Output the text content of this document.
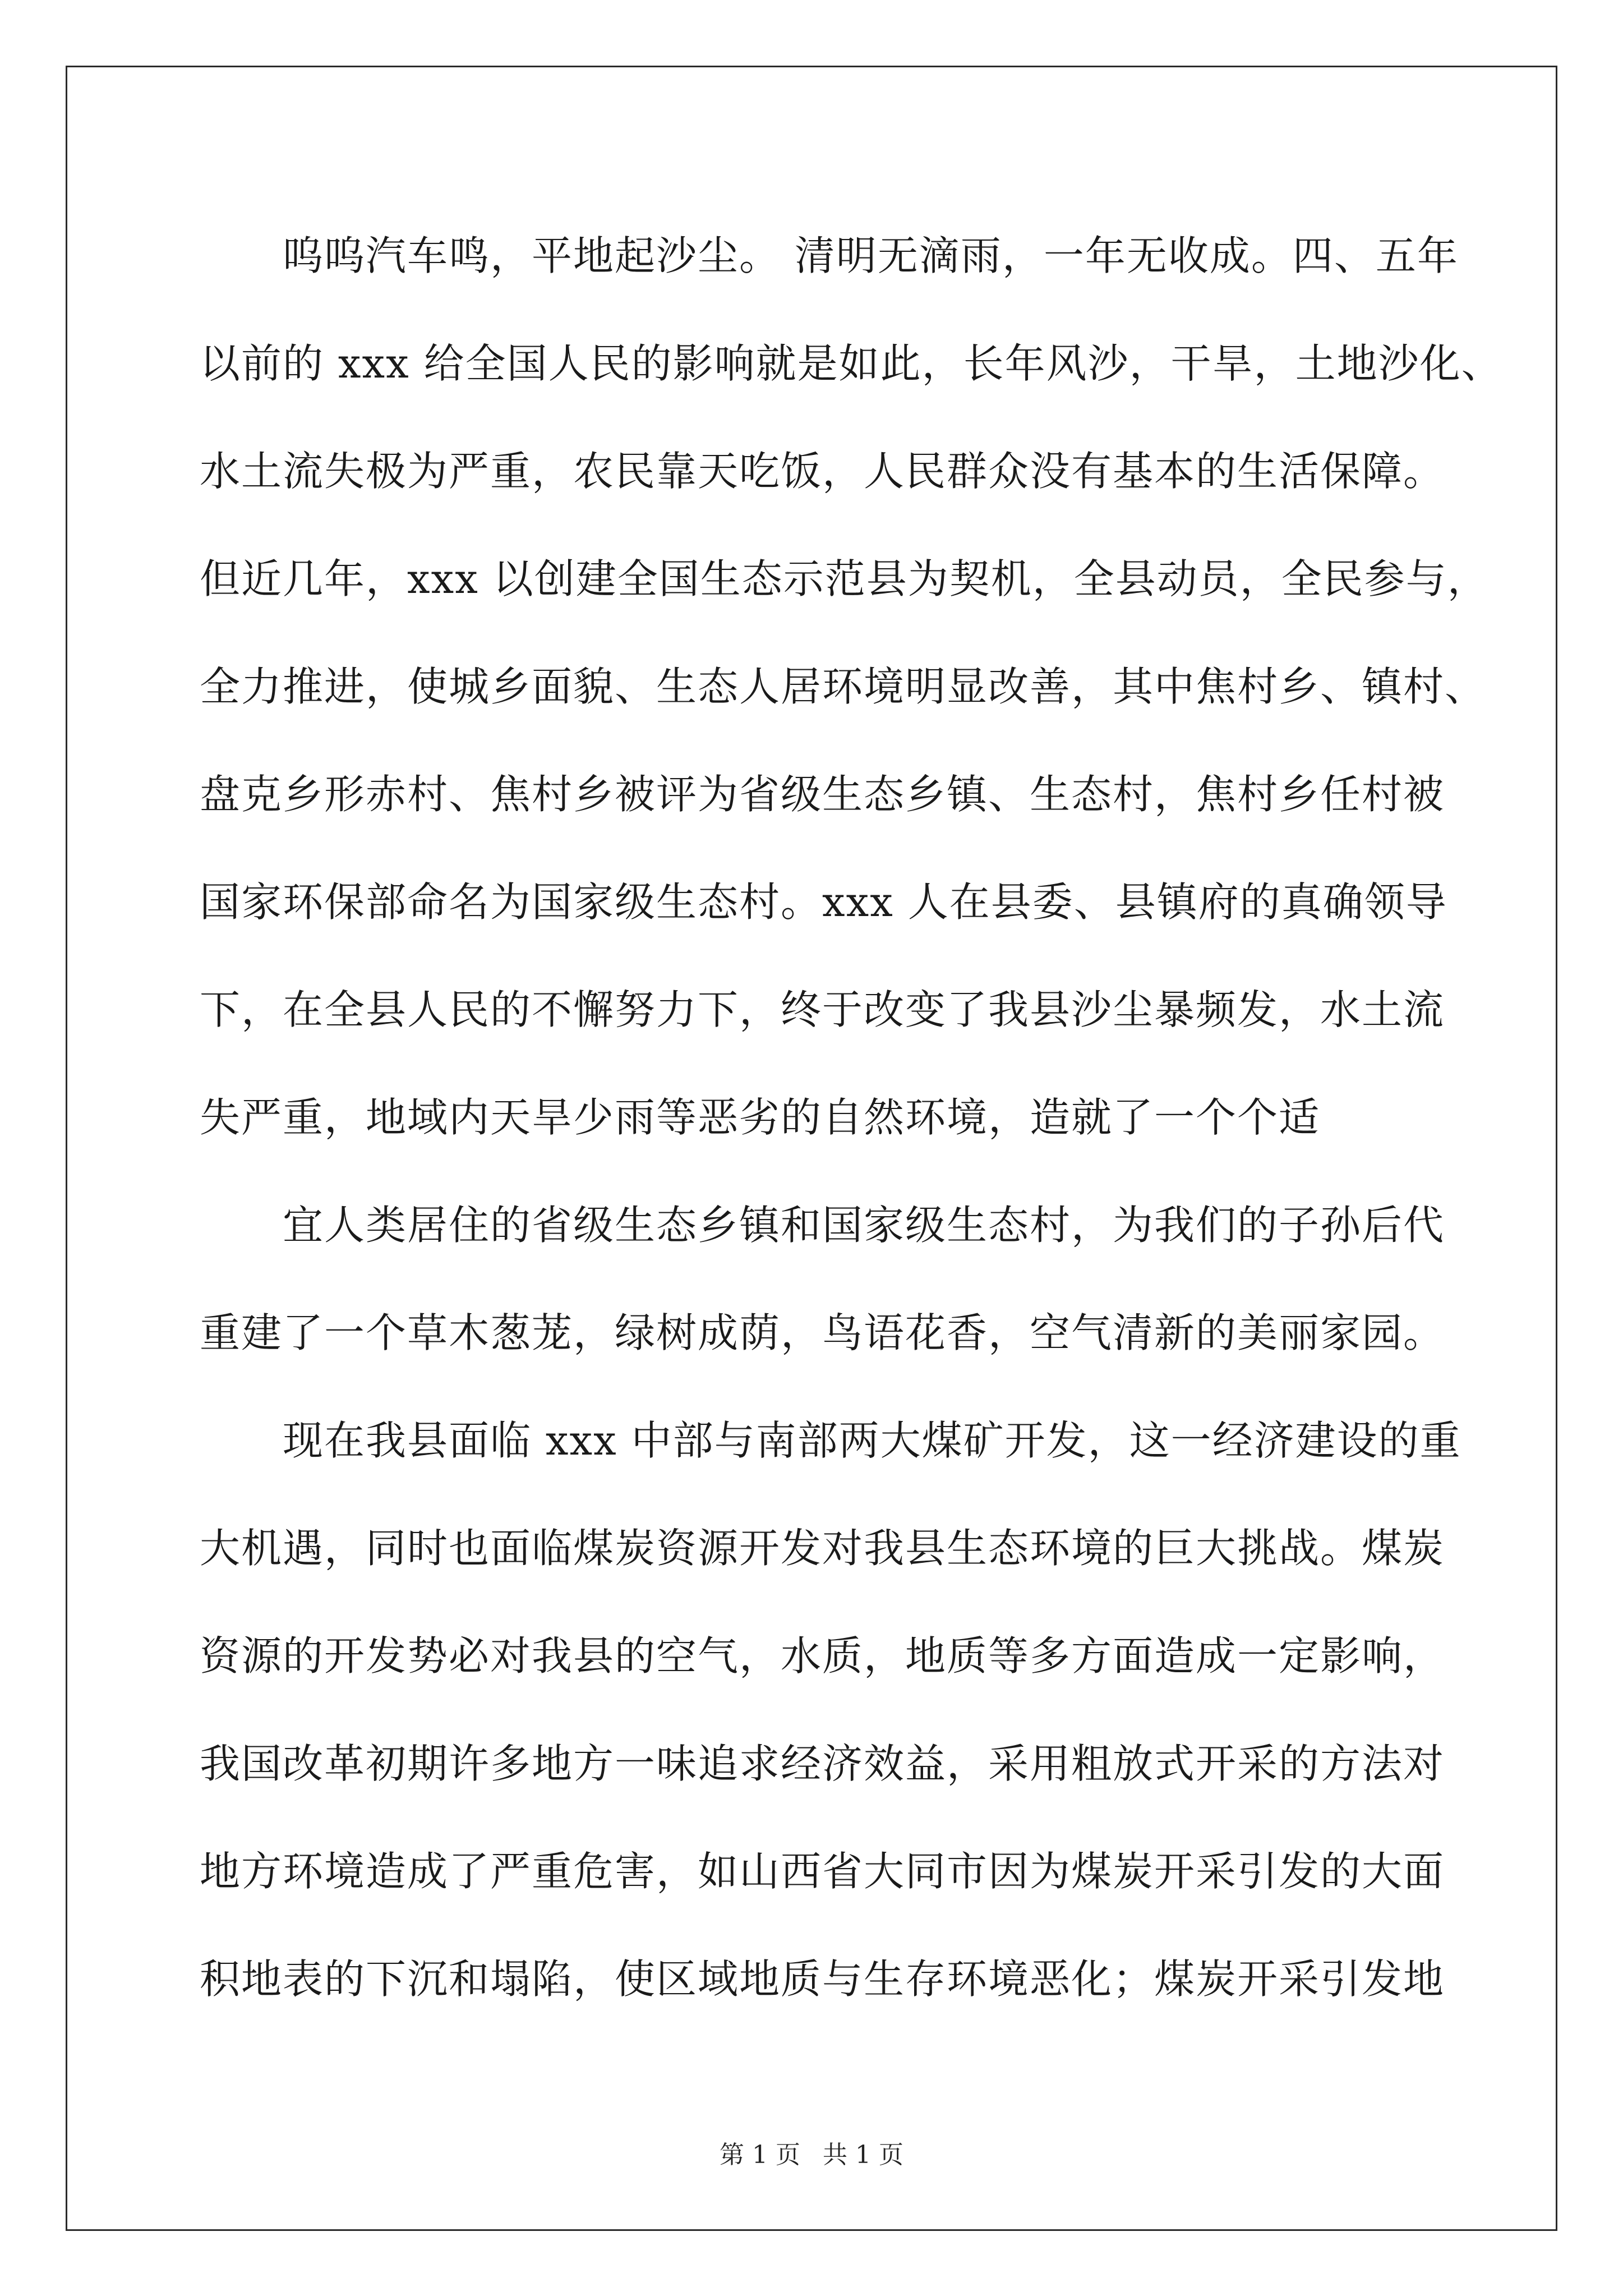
呜呜汽车鸣，平地起沙尘。 清明无滴雨，一年无收成。四、五年
以前的 xxx 给全国人民的影响就是如此，长年风沙，干旱，土地沙化、
水土流失极为严重，农民靠天吃饭，人民群众没有基本的生活保障。
但近几年，xxx 以创建全国生态示范县为契机，全县动员，全民参与，
全力推进，使城乡面貌、生态人居环境明显改善，其中焦村乡、镇村、
盘克乡形赤村、焦村乡被评为省级生态乡镇、生态村，焦村乡任村被
国家环保部命名为国家级生态村。xxx 人在县委、县镇府的真确领导
下，在全县人民的不懈努力下，终于改变了我县沙尘暴频发，水土流
失严重，地域内天旱少雨等恶劣的自然环境，造就了一个个适
宜人类居住的省级生态乡镇和国家级生态村，为我们的子孙后代
重建了一个草木葱茏，绿树成荫，鸟语花香，空气清新的美丽家园。
现在我县面临 xxx 中部与南部两大煤矿开发，这一经济建设的重
大机遇，同时也面临煤炭资源开发对我县生态环境的巨大挑战。煤炭
资源的开发势必对我县的空气，水质，地质等多方面造成一定影响，
我国改革初期许多地方一味追求经济效益，采用粗放式开采的方法对
地方环境造成了严重危害，如山西省大同市因为煤炭开采引发的大面
积地表的下沉和塌陷，使区域地质与生存环境恶化；煤炭开采引发地
第 1 页 共 1 页
